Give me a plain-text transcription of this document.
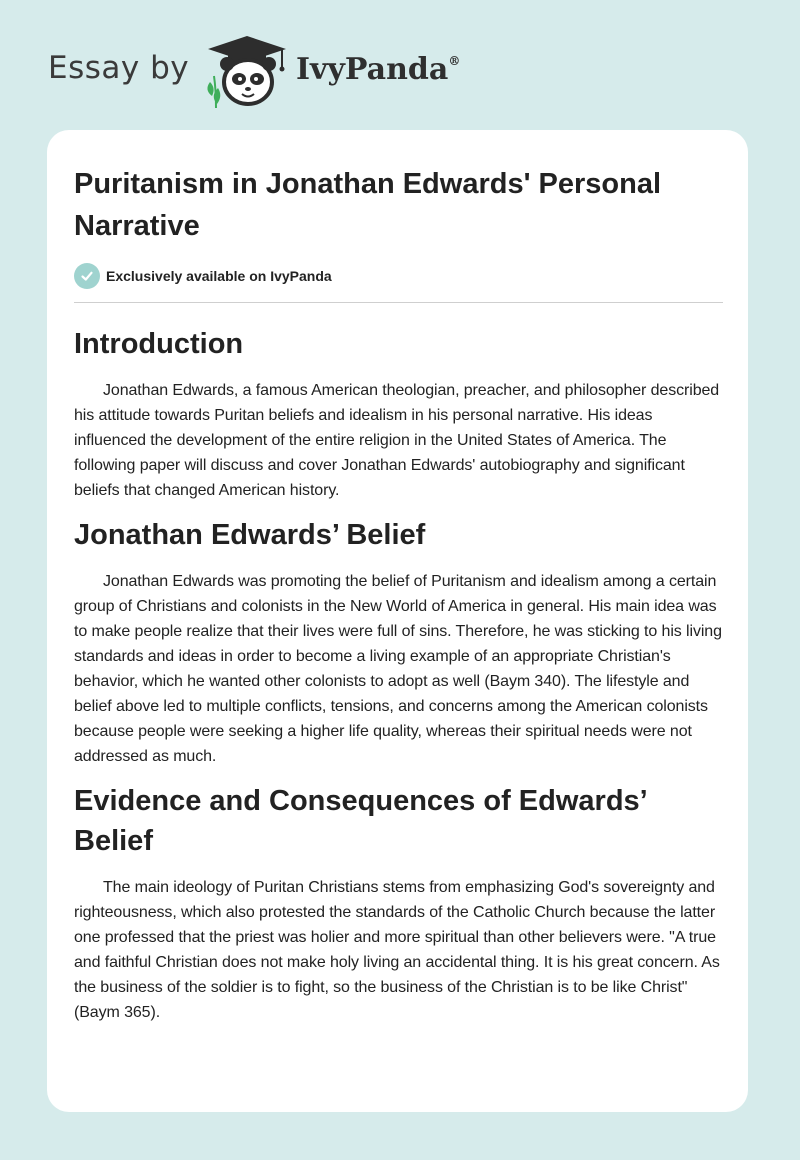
Essay by	IvyPanda®
Puritanism in Jonathan Edwards' Personal Narrative
Exclusively available on IvyPanda
Introduction

Jonathan Edwards, a famous American theologian, preacher, and philosopher described his attitude towards Puritan beliefs and idealism in his personal narrative. His ideas influenced the development of the entire religion in the United States of America. The following paper will discuss and cover Jonathan Edwards' autobiography and significant beliefs that changed American history.

Jonathan Edwards’ Belief

Jonathan Edwards was promoting the belief of Puritanism and idealism among a certain group of Christians and colonists in the New World of America in general. His main idea was to make people realize that their lives were full of sins. Therefore, he was sticking to his living standards and ideas in order to become a living example of an appropriate Christian's behavior, which he wanted other colonists to adopt as well (Baym 340). The lifestyle and belief above led to multiple conflicts, tensions, and concerns among the American colonists because people were seeking a higher life quality, whereas their spiritual needs were not addressed as much.

Evidence and Consequences of Edwards’ Belief

The main ideology of Puritan Christians stems from emphasizing God's sovereignty and righteousness, which also protested the standards of the Catholic Church because the latter one professed that the priest was holier and more spiritual than other believers were. "A true and faithful Christian does not make holy living an accidental thing. It is his great concern. As the business of the soldier is to fight, so the business of the Christian is to be like Christ" (Baym 365).
